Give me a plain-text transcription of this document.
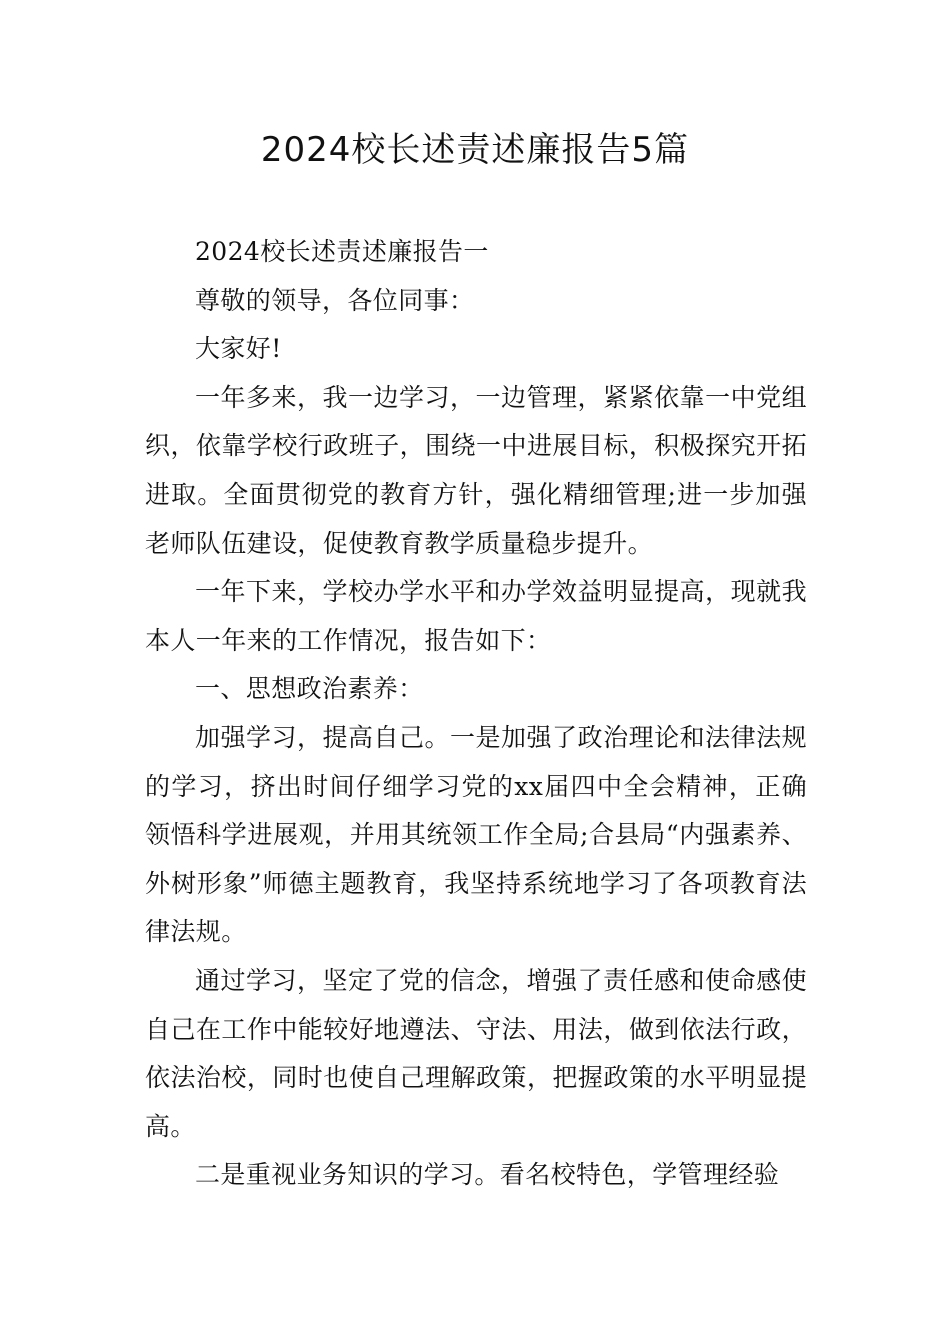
2024校长述责述廉报告5篇

2024校长述责述廉报告一

尊敬的领导，各位同事：

大家好!

一年多来，我一边学习，一边管理，紧紧依靠一中党组织，依靠学校行政班子，围绕一中进展目标，积极探究开拓进取。全面贯彻党的教育方针，强化精细管理;进一步加强老师队伍建设，促使教育教学质量稳步提升。

一年下来，学校办学水平和办学效益明显提高，现就我本人一年来的工作情况，报告如下：

一、思想政治素养：

加强学习，提高自己。一是加强了政治理论和法律法规的学习，挤出时间仔细学习党的xx届四中全会精神，正确领悟科学进展观，并用其统领工作全局;合县局“内强素养、外树形象”师德主题教育，我坚持系统地学习了各项教育法律法规。

通过学习，坚定了党的信念，增强了责任感和使命感使自己在工作中能较好地遵法、守法、用法，做到依法行政，依法治校，同时也使自己理解政策，把握政策的水平明显提高。

二是重视业务知识的学习。看名校特色，学管理经验
